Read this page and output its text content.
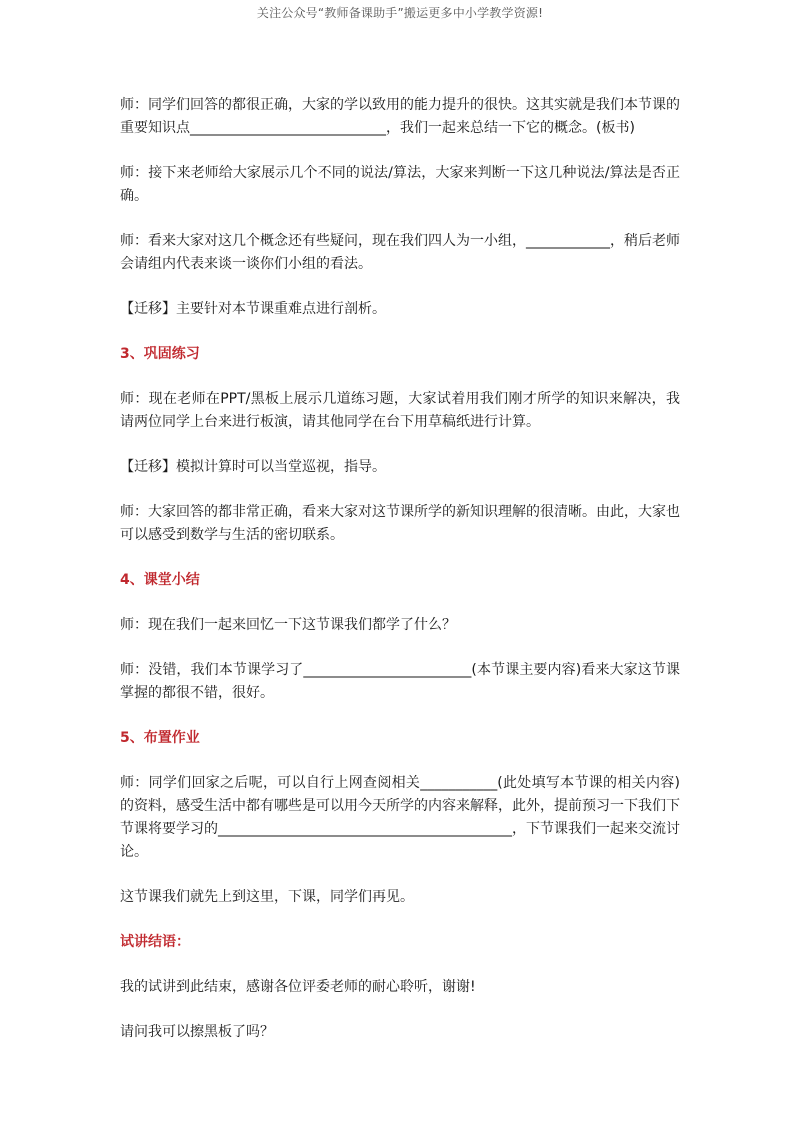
关注公众号“教师备课助手”搬运更多中小学教学资源!

师：同学们回答的都很正确，大家的学以致用的能力提升的很快。这其实就是我们本节课的重要知识点____________________________，我们一起来总结一下它的概念。(板书)

师：接下来老师给大家展示几个不同的说法/算法，大家来判断一下这几种说法/算法是否正确。

师：看来大家对这几个概念还有些疑问，现在我们四人为一小组，____________，稍后老师会请组内代表来谈一谈你们小组的看法。

【迁移】主要针对本节课重难点进行剖析。

3、巩固练习

师：现在老师在PPT/黑板上展示几道练习题，大家试着用我们刚才所学的知识来解决，我请两位同学上台来进行板演，请其他同学在台下用草稿纸进行计算。

【迁移】模拟计算时可以当堂巡视，指导。

师：大家回答的都非常正确，看来大家对这节课所学的新知识理解的很清晰。由此，大家也可以感受到数学与生活的密切联系。

4、课堂小结

师：现在我们一起来回忆一下这节课我们都学了什么？

师：没错，我们本节课学习了________________________(本节课主要内容)看来大家这节课掌握的都很不错，很好。

5、布置作业

师：同学们回家之后呢，可以自行上网查阅相关___________(此处填写本节课的相关内容)的资料，感受生活中都有哪些是可以用今天所学的内容来解释，此外，提前预习一下我们下节课将要学习的__________________________________________，下节课我们一起来交流讨论。

这节课我们就先上到这里，下课，同学们再见。

试讲结语：

我的试讲到此结束，感谢各位评委老师的耐心聆听，谢谢!

请问我可以擦黑板了吗？
